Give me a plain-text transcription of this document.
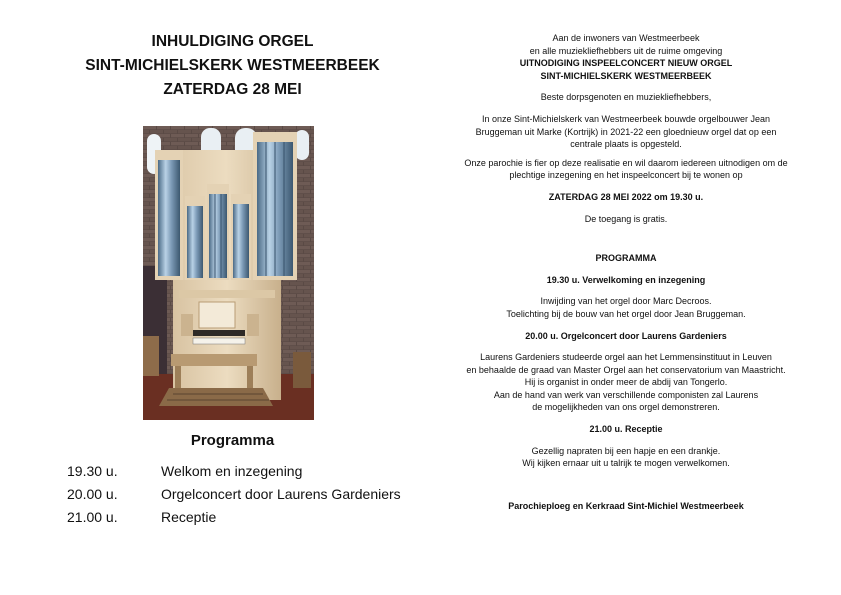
INHULDIGING ORGEL

SINT-MICHIELSKERK WESTMEERBEEK

ZATERDAG 28 MEI

Programma
19.30 u.	Welkom en inzegening
20.00 u.	Orgelconcert door Laurens Gardeniers
21.00 u.	Receptie

Aan de inwoners van Westmeerbeek

en alle muziekliefhebbers uit de ruime omgeving

UITNODIGING INSPEELCONCERT NIEUW ORGEL

SINT-MICHIELSKERK WESTMEERBEEK

Beste dorpsgenoten en muziekliefhebbers,

In onze Sint-Michielskerk van Westmeerbeek bouwde orgelbouwer Jean

Bruggeman uit Marke (Kortrijk) in 2021-22 een gloednieuw orgel dat op een

centrale plaats is opgesteld.

Onze parochie is fier op deze realisatie en wil daarom iedereen uitnodigen om de

plechtige inzegening en het inspeelconcert bij te wonen op

ZATERDAG 28 MEI 2022 om 19.30 u.

De toegang is gratis.

PROGRAMMA

19.30 u. Verwelkoming en inzegening

Inwijding van het orgel door Marc Decroos.

Toelichting bij de bouw van het orgel door Jean Bruggeman.

20.00 u. Orgelconcert door Laurens Gardeniers

Laurens Gardeniers studeerde orgel aan het Lemmensinstituut in Leuven

en behaalde de graad van Master Orgel aan het conservatorium van Maastricht.

Hij is organist in onder meer de abdij van Tongerlo.

Aan de hand van werk van verschillende componisten zal Laurens

de mogelijkheden van ons orgel demonstreren.

21.00 u. Receptie

Gezellig napraten bij een hapje en een drankje.

Wij kijken ernaar uit u talrijk te mogen verwelkomen.

Parochieploeg en Kerkraad Sint-Michiel Westmeerbeek
